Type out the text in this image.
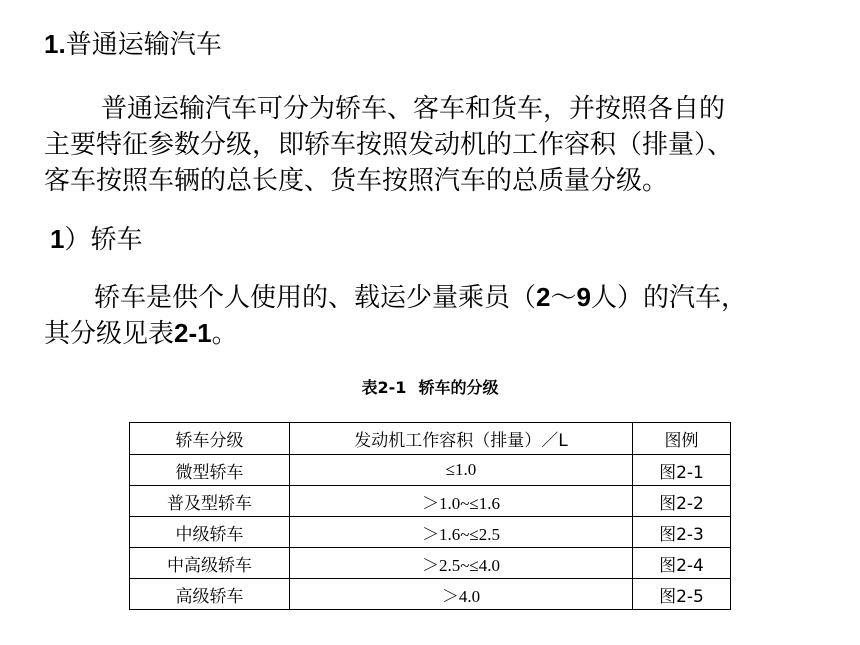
1.普通运输汽车
普通运输汽车可分为轿车、客车和货车，并按照各自的
主要特征参数分级，即轿车按照发动机的工作容积（排量）、
客车按照车辆的总长度、货车按照汽车的总质量分级。
1）轿车
轿车是供个人使用的、载运少量乘员（2～9人）的汽车，
其分级见表2-1。
表2-1 轿车的分级
轿车分级	发动机工作容积（排量）／L	图例
微型轿车	≤1.0	图2-1
普及型轿车	＞1.0~≤1.6	图2-2
中级轿车	＞1.6~≤2.5	图2-3
中高级轿车	＞2.5~≤4.0	图2-4
高级轿车	＞4.0	图2-5
